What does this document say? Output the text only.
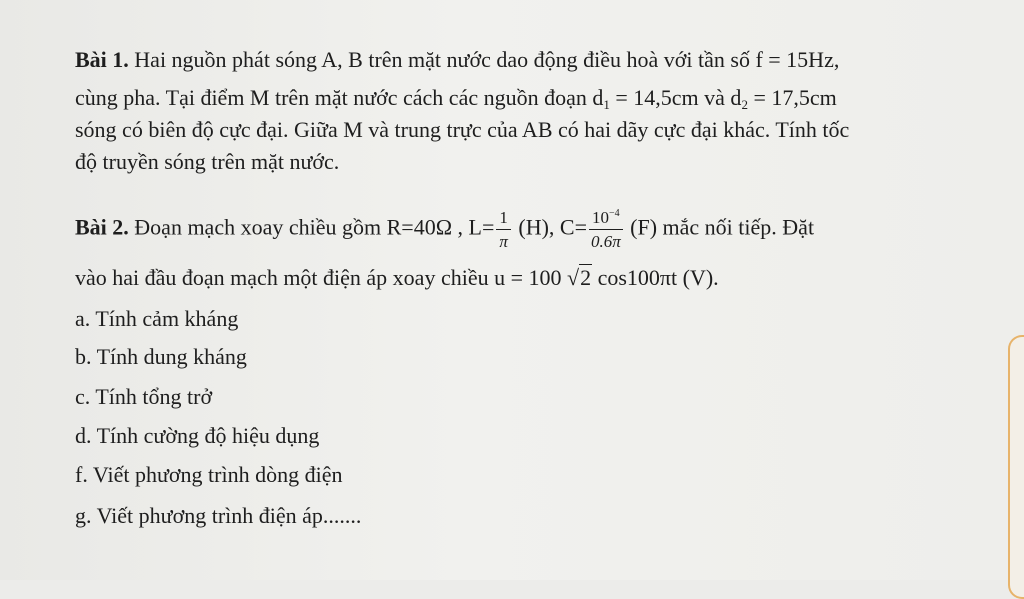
Bài 1. Hai nguồn phát sóng A, B trên mặt nước dao động điều hoà với tần số f = 15Hz,
cùng pha. Tại điểm M trên mặt nước cách các nguồn đoạn $d_1 = 14,5cm$ và $d_2 = 17,5cm$
sóng có biên độ cực đại. Giữa M và trung trực của AB có hai dãy cực đại khác. Tính tốc
độ truyền sóng trên mặt nước.
Bài 2. Đoạn mạch xoay chiều gồm R=40Ω , $L= \frac{1}{\pi} (H)$, $C= \frac{10^{-4}}{0.6\pi} (F)$ mắc nối tiếp. Đặt
vào hai đầu đoạn mạch một điện áp xoay chiều u = 100 √2 cos100πt (V).
a. Tính cảm kháng
b. Tính dung kháng
c. Tính tổng trở
d. Tính cường độ hiệu dụng
f. Viết phương trình dòng điện
g. Viết phương trình điện áp.......
